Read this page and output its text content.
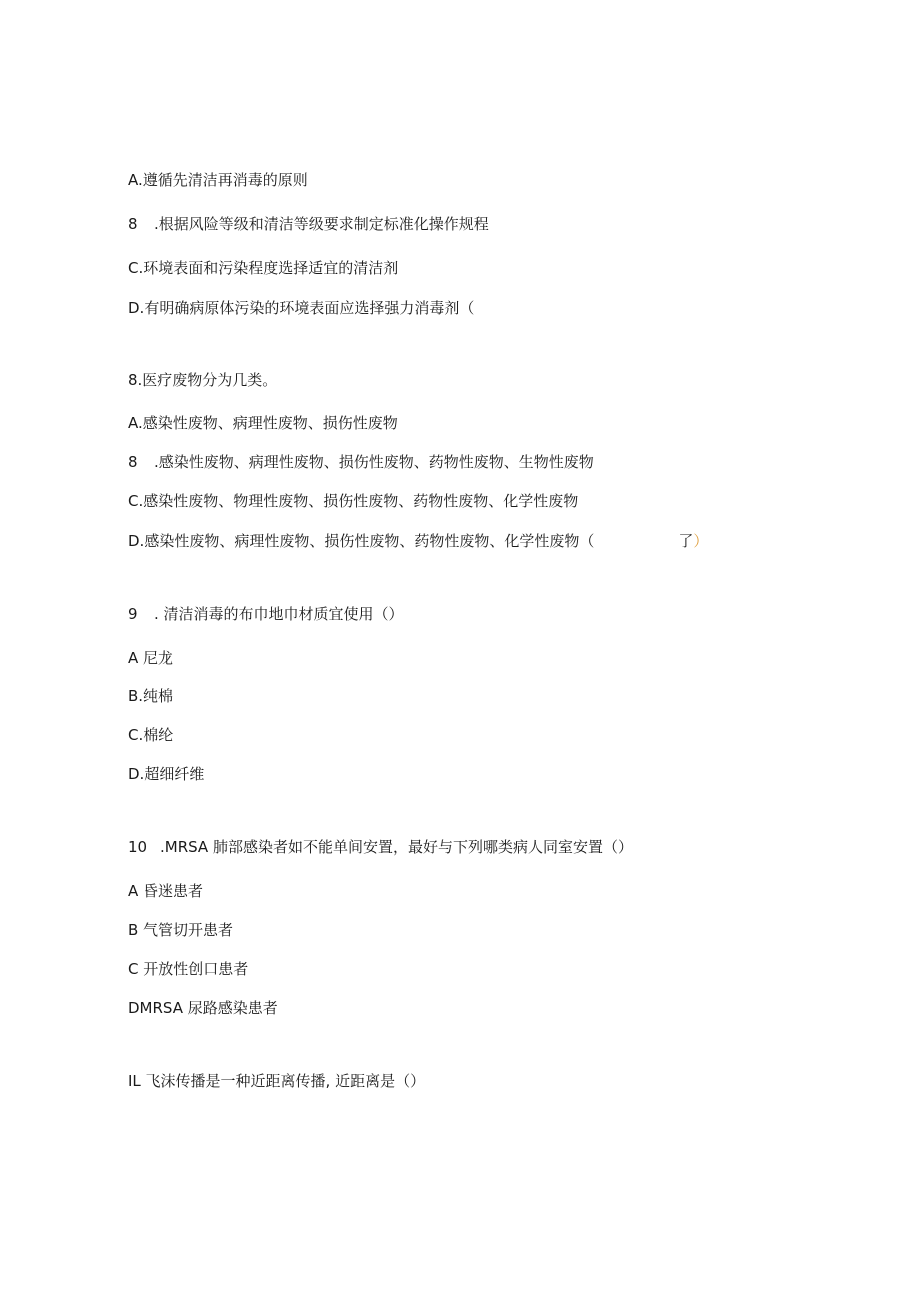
A.遵循先清洁再消毒的原则
8 .根据风险等级和清洁等级要求制定标准化操作规程
C.环境表面和污染程度选择适宜的清洁剂
D.有明确病原体污染的环境表面应选择强力消毒剂（
8.医疗废物分为几类。
A.感染性废物、病理性废物、损伤性废物
8 .感染性废物、病理性废物、损伤性废物、药物性废物、生物性废物
C.感染性废物、物理性废物、损伤性废物、药物性废物、化学性废物
D.感染性废物、病理性废物、损伤性废物、药物性废物、化学性废物（	了）
9 . 清洁消毒的布巾地巾材质宜使用（）
A 尼龙
B.纯棉
C.棉纶
D.超细纤维
10 .MRSA 肺部感染者如不能单间安置，最好与下列哪类病人同室安置（）
A 昏迷患者
B 气管切开患者
C 开放性创口患者
DMRSA 尿路感染患者
IL 飞沫传播是一种近距离传播, 近距离是（）
